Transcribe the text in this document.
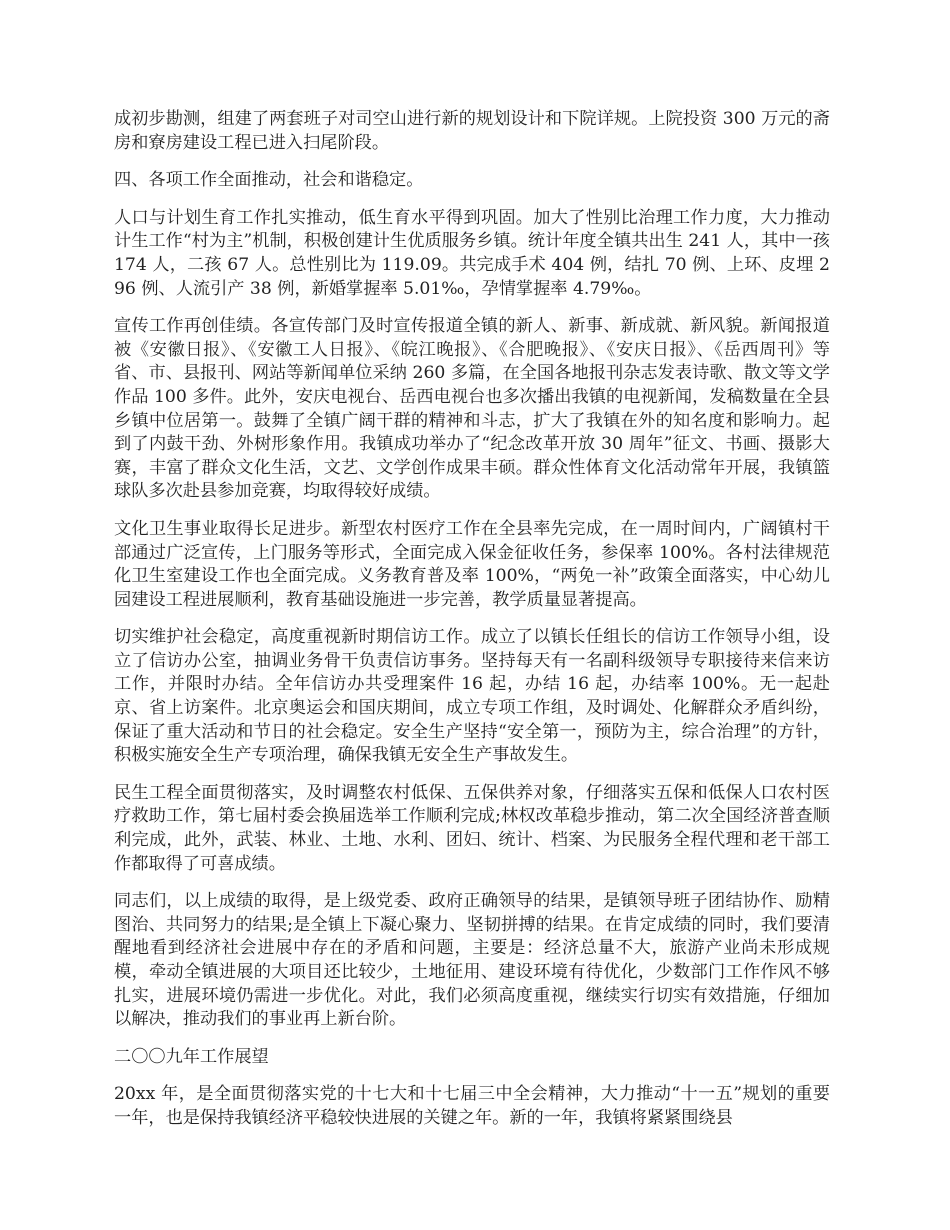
成初步勘测，组建了两套班子对司空山进行新的规划设计和下院详规。上院投资 300 万元的斋房和寮房建设工程已进入扫尾阶段。

四、各项工作全面推动，社会和谐稳定。

人口与计划生育工作扎实推动，低生育水平得到巩固。加大了性别比治理工作力度，大力推动计生工作“村为主”机制，积极创建计生优质服务乡镇。统计年度全镇共出生 241 人，其中一孩 174 人，二孩 67 人。总性别比为 119.09。共完成手术 404 例，结扎 70 例、上环、皮埋 296 例、人流引产 38 例，新婚掌握率 5.01‰，孕情掌握率 4.79‰。

宣传工作再创佳绩。各宣传部门及时宣传报道全镇的新人、新事、新成就、新风貌。新闻报道被《安徽日报》、《安徽工人日报》、《皖江晚报》、《合肥晚报》、《安庆日报》、《岳西周刊》等省、市、县报刊、网站等新闻单位采纳 260 多篇，在全国各地报刊杂志发表诗歌、散文等文学作品 100 多件。此外，安庆电视台、岳西电视台也多次播出我镇的电视新闻，发稿数量在全县乡镇中位居第一。鼓舞了全镇广阔干群的精神和斗志，扩大了我镇在外的知名度和影响力。起到了内鼓干劲、外树形象作用。我镇成功举办了“纪念改革开放 30 周年”征文、书画、摄影大赛，丰富了群众文化生活，文艺、文学创作成果丰硕。群众性体育文化活动常年开展，我镇篮球队多次赴县参加竞赛，均取得较好成绩。

文化卫生事业取得长足进步。新型农村医疗工作在全县率先完成，在一周时间内，广阔镇村干部通过广泛宣传，上门服务等形式，全面完成入保金征收任务，参保率 100%。各村法律规范化卫生室建设工作也全面完成。义务教育普及率 100%，“两免一补”政策全面落实，中心幼儿园建设工程进展顺利，教育基础设施进一步完善，教学质量显著提高。

切实维护社会稳定，高度重视新时期信访工作。成立了以镇长任组长的信访工作领导小组，设立了信访办公室，抽调业务骨干负责信访事务。坚持每天有一名副科级领导专职接待来信来访工作，并限时办结。全年信访办共受理案件 16 起，办结 16 起，办结率 100%。无一起赴京、省上访案件。北京奥运会和国庆期间，成立专项工作组，及时调处、化解群众矛盾纠纷，保证了重大活动和节日的社会稳定。安全生产坚持“安全第一，预防为主，综合治理”的方针，积极实施安全生产专项治理，确保我镇无安全生产事故发生。

民生工程全面贯彻落实，及时调整农村低保、五保供养对象，仔细落实五保和低保人口农村医疗救助工作，第七届村委会换届选举工作顺利完成;林权改革稳步推动，第二次全国经济普查顺利完成，此外，武装、林业、土地、水利、团妇、统计、档案、为民服务全程代理和老干部工作都取得了可喜成绩。

同志们，以上成绩的取得，是上级党委、政府正确领导的结果，是镇领导班子团结协作、励精图治、共同努力的结果;是全镇上下凝心聚力、坚韧拼搏的结果。在肯定成绩的同时，我们要清醒地看到经济社会进展中存在的矛盾和问题，主要是：经济总量不大，旅游产业尚未形成规模，牵动全镇进展的大项目还比较少，土地征用、建设环境有待优化，少数部门工作作风不够扎实，进展环境仍需进一步优化。对此，我们必须高度重视，继续实行切实有效措施，仔细加以解决，推动我们的事业再上新台阶。

二〇〇九年工作展望

20xx 年，是全面贯彻落实党的十七大和十七届三中全会精神，大力推动“十一五”规划的重要一年，也是保持我镇经济平稳较快进展的关键之年。新的一年，我镇将紧紧围绕县
